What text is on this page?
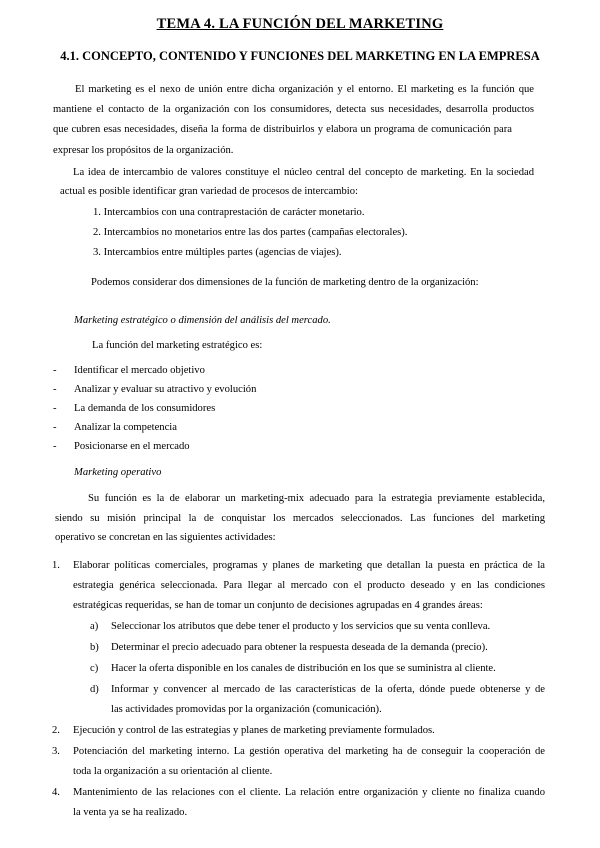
TEMA 4. LA FUNCIÓN DEL MARKETING
4.1. CONCEPTO, CONTENIDO Y FUNCIONES DEL MARKETING EN LA EMPRESA
El marketing es el nexo de unión entre dicha organización y el entorno. El marketing es la función que
mantiene el contacto de la organización con los consumidores, detecta sus necesidades, desarrolla productos
que cubren esas necesidades, diseña la forma de distribuirlos y elabora un programa de comunicación para
expresar los propósitos de la organización.
La idea de intercambio de valores constituye el núcleo central del concepto de marketing. En la sociedad
actual es posible identificar gran variedad de procesos de intercambio:
1. Intercambios con una contraprestación de carácter monetario.
2. Intercambios no monetarios entre las dos partes (campañas electorales).
3. Intercambios entre múltiples partes (agencias de viajes).
Podemos considerar dos dimensiones de la función de marketing dentro de la organización:
Marketing estratégico o dimensión del análisis del mercado.
La función del marketing estratégico es:
- Identificar el mercado objetivo
- Analizar y evaluar su atractivo y evolución
- La demanda de los consumidores
- Analizar la competencia
- Posicionarse en el mercado
Marketing operativo
Su función es la de elaborar un marketing-mix adecuado para la estrategia previamente establecida,
siendo su misión principal la de conquistar los mercados seleccionados. Las funciones del marketing
operativo se concretan en las siguientes actividades:
1. Elaborar políticas comerciales, programas y planes de marketing que detallan la puesta en práctica de la
estrategia genérica seleccionada. Para llegar al mercado con el producto deseado y en las condiciones
estratégicas requeridas, se han de tomar un conjunto de decisiones agrupadas en 4 grandes áreas:
a) Seleccionar los atributos que debe tener el producto y los servicios que su venta conlleva.
b) Determinar el precio adecuado para obtener la respuesta deseada de la demanda (precio).
c) Hacer la oferta disponible en los canales de distribución en los que se suministra al cliente.
d) Informar y convencer al mercado de las características de la oferta, dónde puede obtenerse y de
las actividades promovidas por la organización (comunicación).
2. Ejecución y control de las estrategias y planes de marketing previamente formulados.
3. Potenciación del marketing interno. La gestión operativa del marketing ha de conseguir la cooperación de
toda la organización a su orientación al cliente.
4. Mantenimiento de las relaciones con el cliente. La relación entre organización y cliente no finaliza cuando
la venta ya se ha realizado.
